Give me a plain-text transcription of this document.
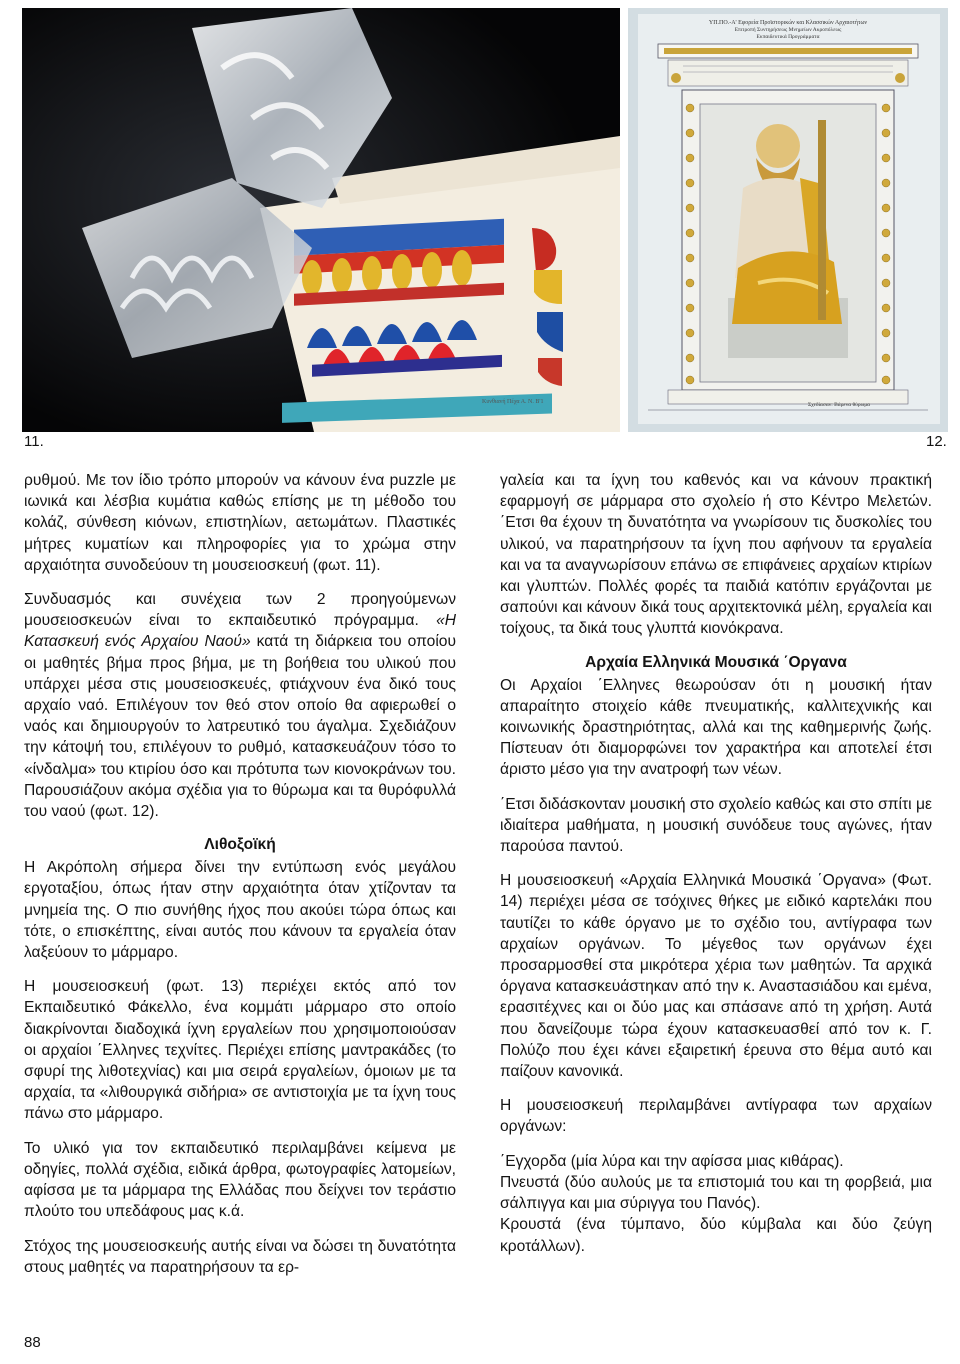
Κυνθιανή Πέχα Α. Ν. Β'1
ΥΠ.ΠΟ.-Α' Εφορεία Προϊστορικών και Κλασσικών Αρχαιοτήτων
Επιτροπή Συντηρήσεως Μνημείων Ακροπόλεως
Εκπαιδευτικά Προγράμματα
Σχεδίασαν: Βάρενα θύρωμα
11.	12.

ρυθμού. Με τον ίδιο τρόπο μπορούν να κάνουν ένα puzzle με ιωνικά και λέσβια κυμάτια καθώς επίσης με τη μέθοδο του κολάζ, σύνθεση κιόνων, επιστηλίων, αετωμάτων. Πλαστικές μήτρες κυματίων και πληροφορίες για το χρώμα στην αρχαιότητα συνοδεύουν τη μουσειοσκευή (φωτ. 11).

Συνδυασμός και συνέχεια των 2 προηγούμενων μουσειοσκευών είναι το εκπαιδευτικό πρόγραμμα. «Η Κατασκευή ενός Αρχαίου Ναού» κατά τη διάρκεια του οποίου οι μαθητές βήμα προς βήμα, με τη βοήθεια του υλικού που υπάρχει μέσα στις μουσειοσκευές, φτιάχνουν ένα δικό τους αρχαίο ναό. Επιλέγουν τον θεό στον οποίο θα αφιερωθεί ο ναός και δημιουργούν το λατρευτικό του άγαλμα. Σχεδιάζουν την κάτοψή του, επιλέγουν το ρυθμό, κατασκευάζουν τόσο το «ίνδαλμα» του κτιρίου όσο και πρότυπα των κιονοκράνων του. Παρουσιάζουν ακόμα σχέδια για το θύρωμα και τα θυρόφυλλά του ναού (φωτ. 12).

Λιθοξοϊκή

Η Ακρόπολη σήμερα δίνει την εντύπωση ενός μεγάλου εργοταξίου, όπως ήταν στην αρχαιότητα όταν χτίζονταν τα μνημεία της. Ο πιο συνήθης ήχος που ακούει τώρα όπως και τότε, ο επισκέπτης, είναι αυτός που κάνουν τα εργαλεία όταν λαξεύουν το μάρμαρο.

Η μουσειοσκευή (φωτ. 13) περιέχει εκτός από τον Εκπαιδευτικό Φάκελλο, ένα κομμάτι μάρμαρο στο οποίο διακρίνονται διαδοχικά ίχνη εργαλείων που χρησιμοποιούσαν οι αρχαίοι ΄Ελληνες τεχνίτες. Περιέχει επίσης μαντρακάδες (το σφυρί της λιθοτεχνίας) και μια σειρά εργαλείων, όμοιων με τα αρχαία, τα «λιθουργικά σιδήρια» σε αντιστοιχία με τα ίχνη τους πάνω στο μάρμαρο.

Το υλικό για τον εκπαιδευτικό περιλαμβάνει κείμενα με οδηγίες, πολλά σχέδια, ειδικά άρθρα, φωτογραφίες λατομείων, αφίσσα με τα μάρμαρα της Ελλάδας που δείχνει τον τεράστιο πλούτο του υπεδάφους μας κ.ά.

Στόχος της μουσειοσκευής αυτής είναι να δώσει τη δυνατότητα στους μαθητές να παρατηρήσουν τα ερ-

γαλεία και τα ίχνη του καθενός και να κάνουν πρακτική εφαρμογή σε μάρμαρα στο σχολείο ή στο Κέντρο Μελετών. ΄Ετσι θα έχουν τη δυνατότητα να γνωρίσουν τις δυσκολίες του υλικού, να παρατηρήσουν τα ίχνη που αφήνουν τα εργαλεία και να τα αναγνωρίσουν επάνω σε επιφάνειες αρχαίων κτιρίων και γλυπτών. Πολλές φορές τα παιδιά κατόπιν εργάζονται με σαπούνι και κάνουν δικά τους αρχιτεκτονικά μέλη, εργαλεία και τοίχους, τα δικά τους γλυπτά κιονόκρανα.

Αρχαία Ελληνικά Μουσικά ΄Οργανα

Οι Αρχαίοι ΄Ελληνες θεωρούσαν ότι η μουσική ήταν απαραίτητο στοιχείο κάθε πνευματικής, καλλιτεχνικής και κοινωνικής δραστηριότητας, αλλά και της καθημερινής ζωής. Πίστευαν ότι διαμορφώνει τον χαρακτήρα και αποτελεί έτσι άριστο μέσο για την ανατροφή των νέων.

΄Ετσι διδάσκονταν μουσική στο σχολείο καθώς και στο σπίτι με ιδιαίτερα μαθήματα, η μουσική συνόδευε τους αγώνες, ήταν παρούσα παντού.

Η μουσειοσκευή «Αρχαία Ελληνικά Μουσικά ΄Οργανα» (Φωτ. 14) περιέχει μέσα σε τσόχινες θήκες με ειδικό καρτελάκι που ταυτίζει το κάθε όργανο με το σχέδιο του, αντίγραφα των αρχαίων οργάνων. Το μέγεθος των οργάνων έχει προσαρμοσθεί στα μικρότερα χέρια των μαθητών. Τα αρχικά όργανα κατασκευάστηκαν από την κ. Αναστασιάδου και εμένα, ερασιτέχνες και οι δύο μας και σπάσανε από τη χρήση. Αυτά που δανείζουμε τώρα έχουν κατασκευασθεί από τον κ. Γ. Πολύζο που έχει κάνει εξαιρετική έρευνα στο θέμα αυτό και παίζουν κανονικά.

Η μουσειοσκευή περιλαμβάνει αντίγραφα των αρχαίων οργάνων:

΄Εγχορδα (μία λύρα και την αφίσσα μιας κιθάρας).

Πνευστά (δύο αυλούς με τα επιστομιά του και τη φορβειά, μια σάλπιγγα και μια σύριγγα του Πανός).

Κρουστά (ένα τύμπανο, δύο κύμβαλα και δύο ζεύγη κροτάλλων).

88
